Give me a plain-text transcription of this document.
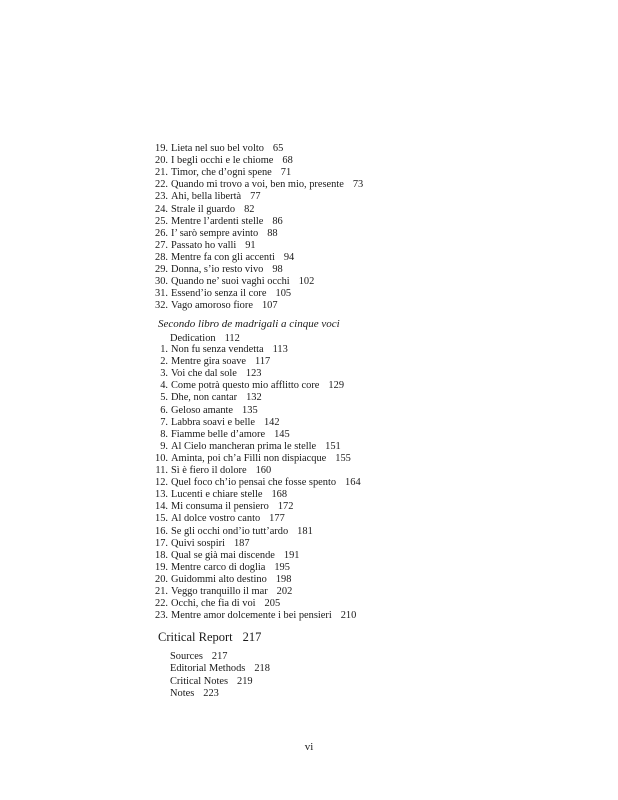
19. Lieta nel suo bel volto 65
20. I begli occhi e le chiome 68
21. Timor, che d’ogni spene 71
22. Quando mi trovo a voi, ben mio, presente 73
23. Ahi, bella libertà 77
24. Strale il guardo 82
25. Mentre l’ardenti stelle 86
26. I’ sarò sempre avinto 88
27. Passato ho valli 91
28. Mentre fa con gli accenti 94
29. Donna, s’io resto vivo 98
30. Quando ne’ suoi vaghi occhi 102
31. Essend’io senza il core 105
32. Vago amoroso fiore 107
Secondo libro de madrigali a cinque voci
Dedication 112
1. Non fu senza vendetta 113
2. Mentre gira soave 117
3. Voi che dal sole 123
4. Come potrà questo mio afflitto core 129
5. Dhe, non cantar 132
6. Geloso amante 135
7. Labbra soavi e belle 142
8. Fiamme belle d’amore 145
9. Al Cielo mancheran prima le stelle 151
10. Aminta, poi ch’a Filli non dispiacque 155
11. Sì è fiero il dolore 160
12. Quel foco ch’io pensai che fosse spento 164
13. Lucenti e chiare stelle 168
14. Mi consuma il pensiero 172
15. Al dolce vostro canto 177
16. Se gli occhi ond’io tutt’ardo 181
17. Quivi sospiri 187
18. Qual se già mai discende 191
19. Mentre carco di doglia 195
20. Guidommi alto destino 198
21. Veggo tranquillo il mar 202
22. Occhi, che fia di voi 205
23. Mentre amor dolcemente i bei pensieri 210
Critical Report 217
Sources 217
Editorial Methods 218
Critical Notes 219
Notes 223
vi
